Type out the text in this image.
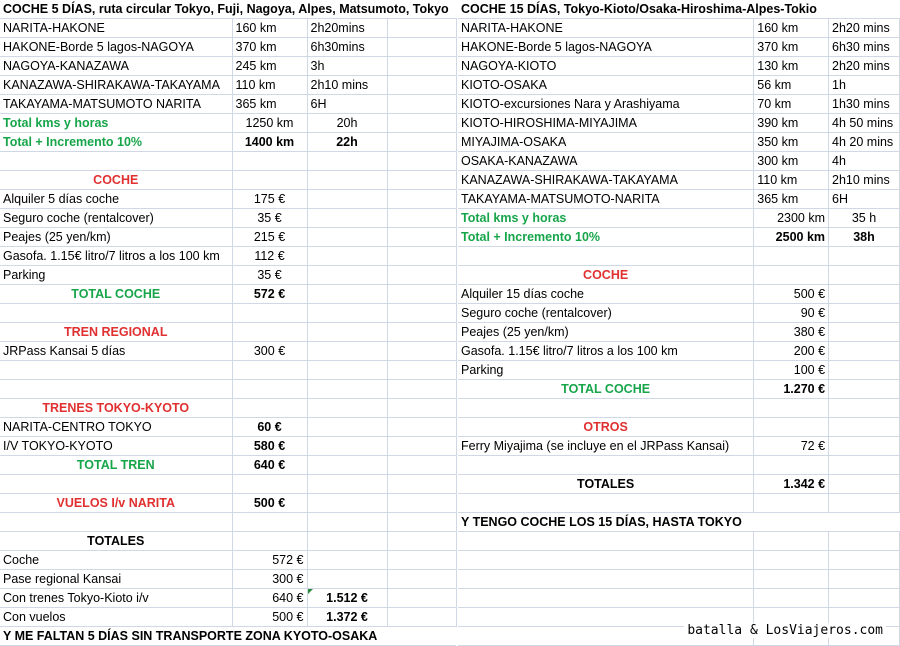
COCHE 5 DÍAS, ruta circular Tokyo, Fuji, Nagoya, Alpes, Matsumoto, Tokyo			
NARITA-HAKONE	160 km	2h20mins	
HAKONE-Borde 5 lagos-NAGOYA	370 km	6h30mins	
NAGOYA-KANAZAWA	245 km	3h	
KANAZAWA-SHIRAKAWA-TAKAYAMA	110 km	2h10 mins	
TAKAYAMA-MATSUMOTO NARITA	365 km	6H	
Total kms y horas	1250 km	20h	
Total + Incremento 10%	1400 km	22h	

COCHE			
Alquiler 5 días coche	175 €		
Seguro coche (rentalcover)	35 €		
Peajes (25 yen/km)	215 €		
Gasofa. 1.15€ litro/7 litros a los 100 km	112 €		
Parking	35 €		
TOTAL COCHE	572 €		

TREN REGIONAL			
JRPass Kansai 5 días	300 €		

TRENES TOKYO-KYOTO			
NARITA-CENTRO TOKYO	60 €		
I/V TOKYO-KYOTO	580 €		
TOTAL TREN	640 €		

VUELOS I/v NARITA	500 €		

TOTALES			
Coche	572 €		
Pase regional Kansai	300 €		
Con trenes Tokyo-Kioto i/v	640 €	1.512 €	
Con vuelos	500 €	1.372 €	
Y ME FALTAN 5 DÍAS SIN TRANSPORTE ZONA KYOTO-OSAKA			
COCHE 15 DÍAS, Tokyo-Kioto/Osaka-Hiroshima-Alpes-Tokio		
NARITA-HAKONE	160 km	2h20 mins
HAKONE-Borde 5 lagos-NAGOYA	370 km	6h30 mins
NAGOYA-KIOTO	130 km	2h20 mins
KIOTO-OSAKA	56 km	1h
KIOTO-excursiones Nara y Arashiyama	70 km	1h30 mins
KIOTO-HIROSHIMA-MIYAJIMA	390 km	4h 50 mins
MIYAJIMA-OSAKA	350 km	4h 20 mins
OSAKA-KANAZAWA	300 km	4h
KANAZAWA-SHIRAKAWA-TAKAYAMA	110 km	2h10 mins
TAKAYAMA-MATSUMOTO-NARITA	365 km	6H
Total kms y horas	2300 km	35 h
Total + Incremento 10%	2500 km	38h

COCHE		
Alquiler 15 días coche	500 €	
Seguro coche (rentalcover)	90 €	
Peajes (25 yen/km)	380 €	
Gasofa. 1.15€ litro/7 litros a los 100 km	200 €	
Parking	100 €	
TOTAL COCHE	1.270 €	

OTROS		
Ferry Miyajima (se incluye en el JRPass Kansai)	72 €	

TOTALES	1.342 €	

Y TENGO COCHE LOS 15 DÍAS, HASTA TOKYO		

batalla & LosViajeros.com
